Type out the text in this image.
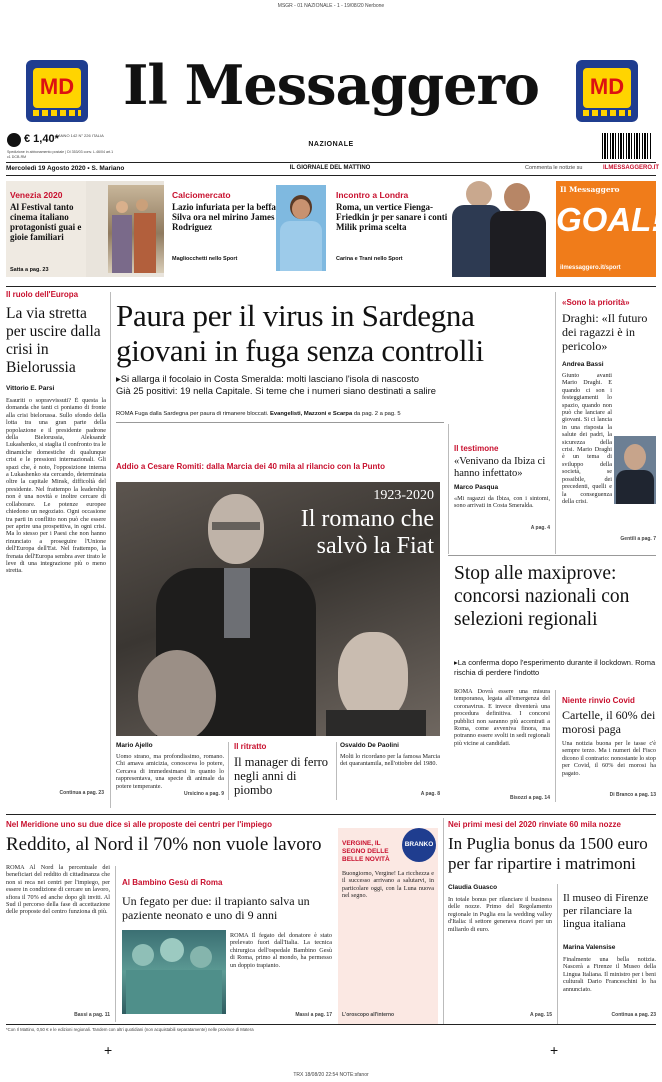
MSGR - 01 NAZIONALE - 1 - 19/08/20 Nerbone
MD	MD
Il Messaggero
NAZIONALE
€ 1,40* ANNO 142 N° 226 ITALIA
Spedizione in abbonamento postale | DI 353/03 conv. L.46/04 art.1 c1 DCB-RM
Mercoledì 19 Agosto 2020 • S. Mariano	IL GIORNALE DEL MATTINO	Commenta le notizie su	ILMESSAGGERO.IT
Venezia 2020
Al Festival tanto cinema italiano protagonisti guai e gioie familiari
Satta a pag. 23
Calciomercato
Lazio infuriata per la beffa Silva ora nel mirino James Rodriguez
Magliocchetti nello Sport
Incontro a Londra
Roma, un vertice Fienga-Friedkin jr per sanare i conti Milik prima scelta
Carina e Trani nello Sport
Il Messaggero
GOAL!
ilmessaggero.it/sport
Il ruolo dell'Europa
La via stretta per uscire dalla crisi in Bielorussia
Vittorio E. Parsi
Esauriti o sopravvissuti? È questa la domanda che tanti ci poniamo di fronte alla crisi bielorussa. Sullo sfondo della lotta tra una gran parte della popolazione e il presidente padrone della Bielorussia, Aleksandr Lukashenko, si staglia il confronto tra le dinamiche domestiche di qualunque crisi e le pressioni internazionali. Gli spazi che, è noto, l'opposizione interna a Lukashenko sta cercando, determinata oltre la capitale Minsk, difficoltà del presidente. Nel frattempo la leadership non è una novità e inoltre cercare di collaborare. Le potenze europee chiedono un negoziato. Ogni occasione tra parti in conflitto non può che essere per aprire una prospettiva, in ogni crisi. Ma lo stesso per i Paesi che non hanno rinunciato a proseguire l'Unione dell'Europa dell'Est. Nel frattempo, la frenata dell'Europa sembra aver tirato le leve di una integrazione più o meno stretta.
Continua a pag. 23
Paura per il virus in Sardegna giovani in fuga senza controlli
▸Si allarga il focolaio in Costa Smeralda: molti lasciano l'isola di nascosto
Già 25 positivi: 19 nella Capitale. Si teme che i numeri siano destinati a salire
ROMA Fuga dalla Sardegna per paura di rimanere bloccati. Evangelisti, Mazzoni e Scarpa da pag. 2 a pag. 5
Addio a Cesare Romiti: dalla Marcia dei 40 mila al rilancio con la Punto
1923-2020
Il romano che salvò la Fiat
Mario Ajello
Uomo strano, ma profondissimo, romano. Chi amava amicizia, conosceva lo potere, Cercava di immedesimarsi in quanto lo rappresentava, una specie di animale da potere temperante.
Ursicino a pag. 9
Il ritratto
Il manager di ferro negli anni di piombo
Osvaldo De Paolini
Molti lo ricordano per la famosa Marcia dei quarantamila, nell'ottobre del 1980.
A pag. 8
Il testimone
«Venivano da Ibiza ci hanno infettato»
Marco Pasqua
«Mi ragazzi da Ibiza, con i sintomi, sono arrivati in Costa Smeralda.
A pag. 4
«Sono la priorità»
Draghi: «Il futuro dei ragazzi è in pericolo»
Andrea Bassi
Giunto avanti Mario Draghi. E quando ci son i festeggiamenti lo spazio, quando non può che lanciare al giovani. Si ci lancia in una risposta la salute dei padri, la sicurezza della crisi. Mario Draghi è un tema di sviluppo della società, se possibile, dei precedenti, quelli e la conseguenza della crisi.
Gentili a pag. 7
Stop alle maxiprove: concorsi nazionali con selezioni regionali
▸La conferma dopo l'esperimento durante il lockdown. Roma rischia di perdere l'indotto
ROMA Dovrà essere una misura temporanea, legata all'emergenza del coronavirus. E invece diventerà una procedura definitiva. I concorsi pubblici non saranno più accentrati a Roma, come avveniva finora, ma potranno essere svolti in sedi regionali più vicine ai candidati.
Bisozzi a pag. 14
Niente rinvio Covid
Cartelle, il 60% dei morosi paga
Una notizia buona per le tasse c'è sempre terzo. Ma i numeri del Fisco dicono il contrario: nonostante lo stop per Covid, il 60% dei morosi ha pagato.
Di Branco a pag. 13
Nel Meridione uno su due dice sì alle proposte dei centri per l'impiego
Reddito, al Nord il 70% non vuole lavoro
ROMA Al Nord la percentuale dei beneficiari del reddito di cittadinanza che non si reca nei centri per l'impiego, per essere in condizione di cercare un lavoro, sfiora il 70% ed anche dopo gli inviti. Al Sud il percorso della fase di accettazione delle proposte del centro funziona di più.
Bassi a pag. 11
Al Bambino Gesù di Roma
Un fegato per due: il trapianto salva un paziente neonato e uno di 9 anni
ROMA Il fegato del donatore è stato prelevato fuori dall'Italia. La tecnica chirurgica dell'ospedale Bambino Gesù di Roma, primo al mondo, ha permesso un doppio trapianto.
Massi a pag. 17
VERGINE, IL SEGNO DELLE BELLE NOVITÀ
BRANKO
Buongiorno, Vergine! La ricchezza e il successo arrivano a salutarvi, in particolare oggi, con la Luna nuova nel segno.
L'oroscopo all'interno
Nei primi mesi del 2020 rinviate 60 mila nozze
In Puglia bonus da 1500 euro per far ripartire i matrimoni
Claudia Guasco
In totale bonus per rilanciare il business delle nozze. Primo del Regolamento regionale in Puglia era la wedding valley d'Italia: il settore generava ricavi per un miliardo di euro.
A pag. 15
Il museo di Firenze per rilanciare la lingua italiana
Marina Valensise
Finalmente una bella notizia. Nascerà a Firenze il Museo della Lingua Italiana. Il ministro per i beni culturali Dario Franceschini lo ha annunciato.
Continua a pag. 23
*Con Il Mattino, 0,50 € e le edizioni regionali. Tandem con altri quotidiani (non acquistabili separatamente) nelle province di Matera
+	+
TRX 18/08/20 22:54 NOTE:sfanor
